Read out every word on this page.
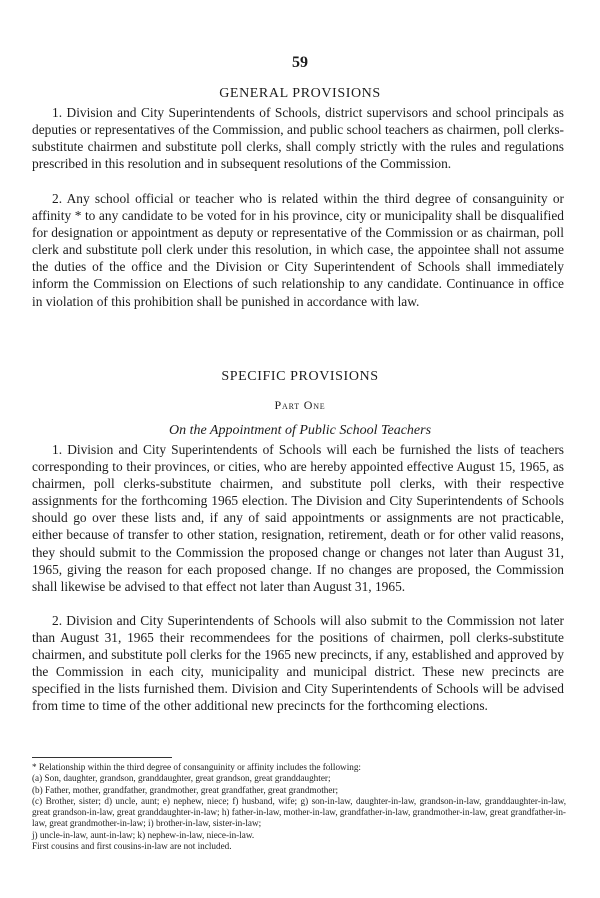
59
GENERAL PROVISIONS

1. Division and City Superintendents of Schools, district supervisors and school principals as deputies or representatives of the Commission, and public school teachers as chairmen, poll clerks-substitute chairmen and substitute poll clerks, shall comply strictly with the rules and regulations prescribed in this resolution and in subsequent resolutions of the Commission.

2. Any school official or teacher who is related within the third degree of consanguinity or affinity * to any candidate to be voted for in his province, city or municipality shall be disqualified for designation or appointment as deputy or representative of the Commission or as chairman, poll clerk and substitute poll clerk under this resolution, in which case, the appointee shall not assume the duties of the office and the Division or City Superintendent of Schools shall immediately inform the Commission on Elections of such relationship to any candidate. Continuance in office in violation of this prohibition shall be punished in accordance with law.

SPECIFIC PROVISIONS
Part One
On the Appointment of Public School Teachers

1. Division and City Superintendents of Schools will each be furnished the lists of teachers corresponding to their provinces, or cities, who are hereby appointed effective August 15, 1965, as chairmen, poll clerks-substitute chairmen, and substitute poll clerks, with their respective assignments for the forthcoming 1965 election. The Division and City Superintendents of Schools should go over these lists and, if any of said appointments or assignments are not practicable, either because of transfer to other station, resignation, retirement, death or for other valid reasons, they should submit to the Commission the proposed change or changes not later than August 31, 1965, giving the reason for each proposed change. If no changes are proposed, the Commission shall likewise be advised to that effect not later than August 31, 1965.

2. Division and City Superintendents of Schools will also submit to the Commission not later than August 31, 1965 their recommendees for the positions of chairmen, poll clerks-substitute chairmen, and substitute poll clerks for the 1965 new precincts, if any, established and approved by the Commission in each city, municipality and municipal district. These new precincts are specified in the lists furnished them. Division and City Superintendents of Schools will be advised from time to time of the other additional new precincts for the forthcoming elections.

* Relationship within the third degree of consanguinity or affinity includes the following:
(a) Son, daughter, grandson, granddaughter, great grandson, great granddaughter;
(b) Father, mother, grandfather, grandmother, great grandfather, great grandmother;
(c) Brother, sister; d) uncle, aunt; e) nephew, niece; f) husband, wife; g) son-in-law, daughter-in-law, grandson-in-law, granddaughter-in-law, great grandson-in-law, great granddaughter-in-law; h) father-in-law, mother-in-law, grandfather-in-law, grandmother-in-law, great grandfather-in-law, great grandmother-in-law; i) brother-in-law, sister-in-law;
j) uncle-in-law, aunt-in-law; k) nephew-in-law, niece-in-law.
First cousins and first cousins-in-law are not included.
